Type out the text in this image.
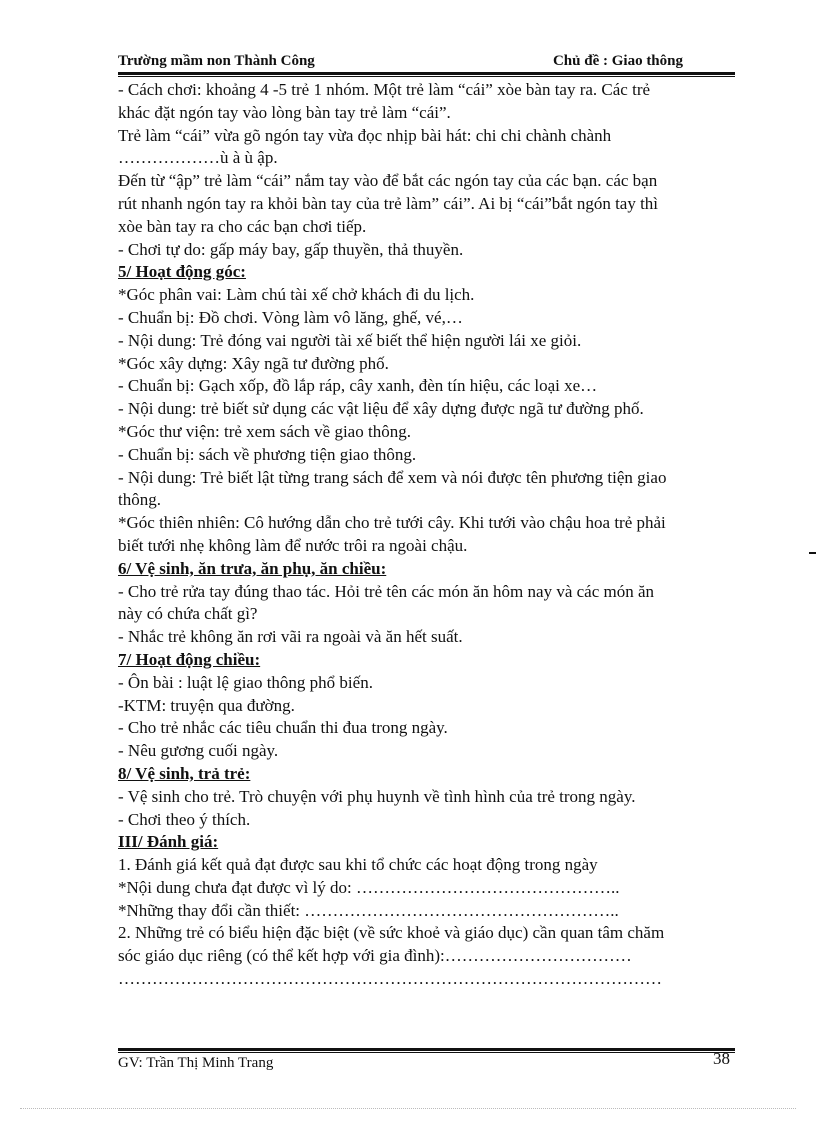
Trường mầm non Thành Công	Chủ đề : Giao thông
- Cách chơi: khoảng 4 -5 trẻ 1 nhóm. Một trẻ làm “cái” xòe bàn tay ra. Các trẻ
khác đặt ngón tay vào lòng bàn tay trẻ làm “cái”.
Trẻ làm “cái” vừa gõ ngón tay vừa đọc nhịp bài hát: chi chi chành chành
………………ù à ù ập.
Đến từ “ập” trẻ làm “cái” nắm tay vào để bắt các ngón tay của các bạn. các bạn
rút nhanh ngón tay ra khỏi bàn tay của trẻ làm” cái”. Ai bị “cái”bắt ngón tay thì
xòe bàn tay ra cho các bạn chơi tiếp.
- Chơi tự do: gấp máy bay, gấp thuyền, thả thuyền.
5/ Hoạt động góc:
*Góc phân vai: Làm chú tài xế chở khách đi du lịch.
- Chuẩn bị: Đồ chơi. Vòng làm vô lăng, ghế, vé,…
- Nội dung: Trẻ đóng vai người tài xế biết thể hiện người lái xe giỏi.
*Góc xây dựng: Xây ngã tư đường phố.
- Chuẩn bị: Gạch xốp, đồ lắp ráp, cây xanh, đèn tín hiệu, các loại xe…
- Nội dung: trẻ biết sử dụng các vật liệu để xây dựng được ngã tư đường phố.
*Góc thư viện: trẻ xem sách về giao thông.
- Chuẩn bị: sách về phương tiện giao thông.
- Nội dung: Trẻ biết lật từng trang sách để xem và nói được tên phương tiện giao
thông.
*Góc thiên nhiên: Cô hướng dẫn cho trẻ tưới cây. Khi tưới vào chậu hoa trẻ phải
biết tưới nhẹ không làm để nước trôi ra ngoài chậu.
6/ Vệ sinh, ăn trưa, ăn phụ, ăn chiều:
- Cho trẻ rửa tay đúng thao tác. Hỏi trẻ tên các món ăn hôm nay và các món ăn
này có chứa chất gì?
- Nhắc trẻ không ăn rơi vãi ra ngoài và ăn hết suất.
7/ Hoạt động chiều:
- Ôn bài : luật lệ giao thông phổ biến.
-KTM: truyện qua đường.
- Cho trẻ nhắc các tiêu chuẩn thi đua trong ngày.
- Nêu gương cuối ngày.
8/ Vệ sinh, trả trẻ:
- Vệ sinh cho trẻ. Trò chuyện với phụ huynh về tình hình của trẻ trong ngày.
- Chơi theo ý thích.
III/ Đánh giá:
1. Đánh giá kết quả đạt được sau khi tổ chức các hoạt động trong ngày
*Nội dung chưa đạt được vì lý do: ………………………………………..
*Những thay đổi cần thiết: ………………………………………………..
2. Những trẻ có biểu hiện đặc biệt (về sức khoẻ và giáo dục) cần quan tâm chăm
sóc giáo dục riêng (có thể kết hợp với gia đình):……………………………
……………………………………………………………………………………
GV: Trần Thị Minh Trang	38
